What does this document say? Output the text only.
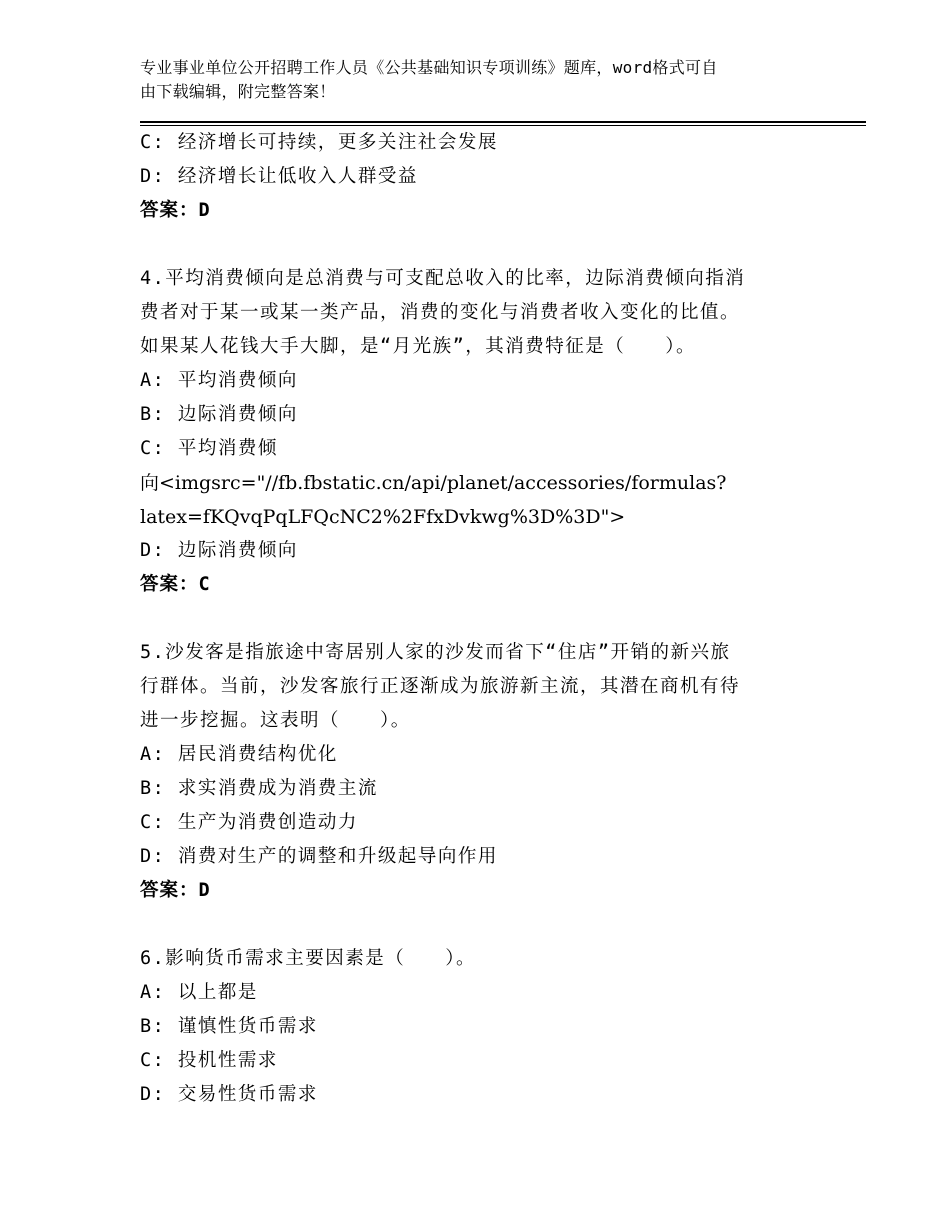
专业事业单位公开招聘工作人员《公共基础知识专项训练》题库，word格式可自
由下载编辑，附完整答案！
C: 经济增长可持续，更多关注社会发展
D: 经济增长让低收入人群受益
答案：D
4.平均消费倾向是总消费与可支配总收入的比率，边际消费倾向指消
费者对于某一或某一类产品，消费的变化与消费者收入变化的比值。
如果某人花钱大手大脚，是“月光族”，其消费特征是（　　）。
A: 平均消费倾向
B: 边际消费倾向
C: 平均消费倾
向<imgsrc="//fb.fbstatic.cn/api/planet/accessories/formulas?
latex=fKQvqPqLFQcNC2%2FfxDvkwg%3D%3D">
D: 边际消费倾向
答案：C
5.沙发客是指旅途中寄居别人家的沙发而省下“住店”开销的新兴旅
行群体。当前，沙发客旅行正逐渐成为旅游新主流，其潜在商机有待
进一步挖掘。这表明（　　）。
A: 居民消费结构优化
B: 求实消费成为消费主流
C: 生产为消费创造动力
D: 消费对生产的调整和升级起导向作用
答案：D
6.影响货币需求主要因素是（　　）。
A: 以上都是
B: 谨慎性货币需求
C: 投机性需求
D: 交易性货币需求
